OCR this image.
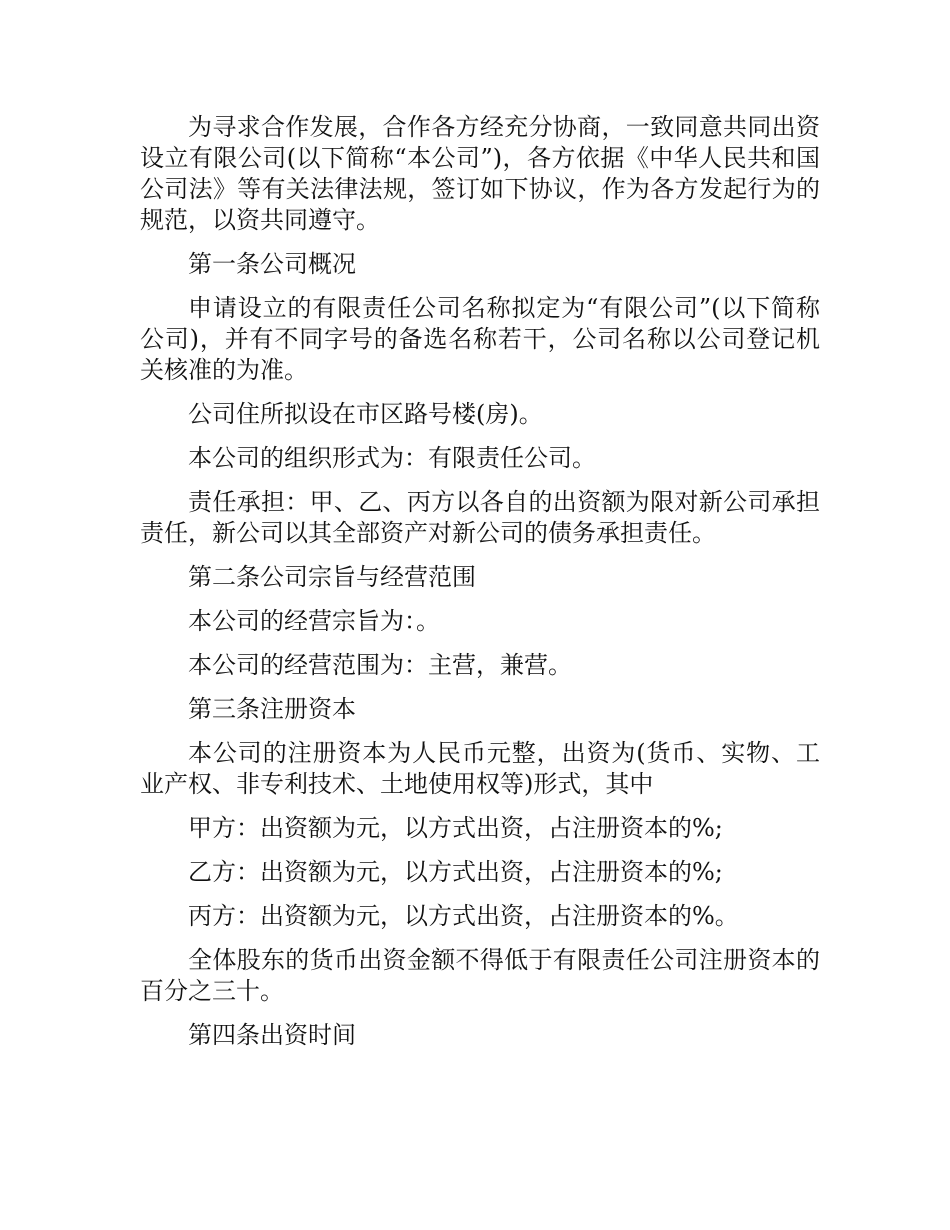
为寻求合作发展，合作各方经充分协商，一致同意共同出资设立有限公司(以下简称“本公司”)，各方依据《中华人民共和国公司法》等有关法律法规，签订如下协议，作为各方发起行为的规范，以资共同遵守。

第一条公司概况

申请设立的有限责任公司名称拟定为“有限公司”(以下简称公司)，并有不同字号的备选名称若干，公司名称以公司登记机关核准的为准。

公司住所拟设在市区路号楼(房)。

本公司的组织形式为：有限责任公司。

责任承担：甲、乙、丙方以各自的出资额为限对新公司承担责任，新公司以其全部资产对新公司的债务承担责任。

第二条公司宗旨与经营范围

本公司的经营宗旨为：。

本公司的经营范围为：主营，兼营。

第三条注册资本

本公司的注册资本为人民币元整，出资为(货币、实物、工业产权、非专利技术、土地使用权等)形式，其中

甲方：出资额为元，以方式出资，占注册资本的%;

乙方：出资额为元，以方式出资，占注册资本的%;

丙方：出资额为元，以方式出资，占注册资本的%。

全体股东的货币出资金额不得低于有限责任公司注册资本的百分之三十。

第四条出资时间
